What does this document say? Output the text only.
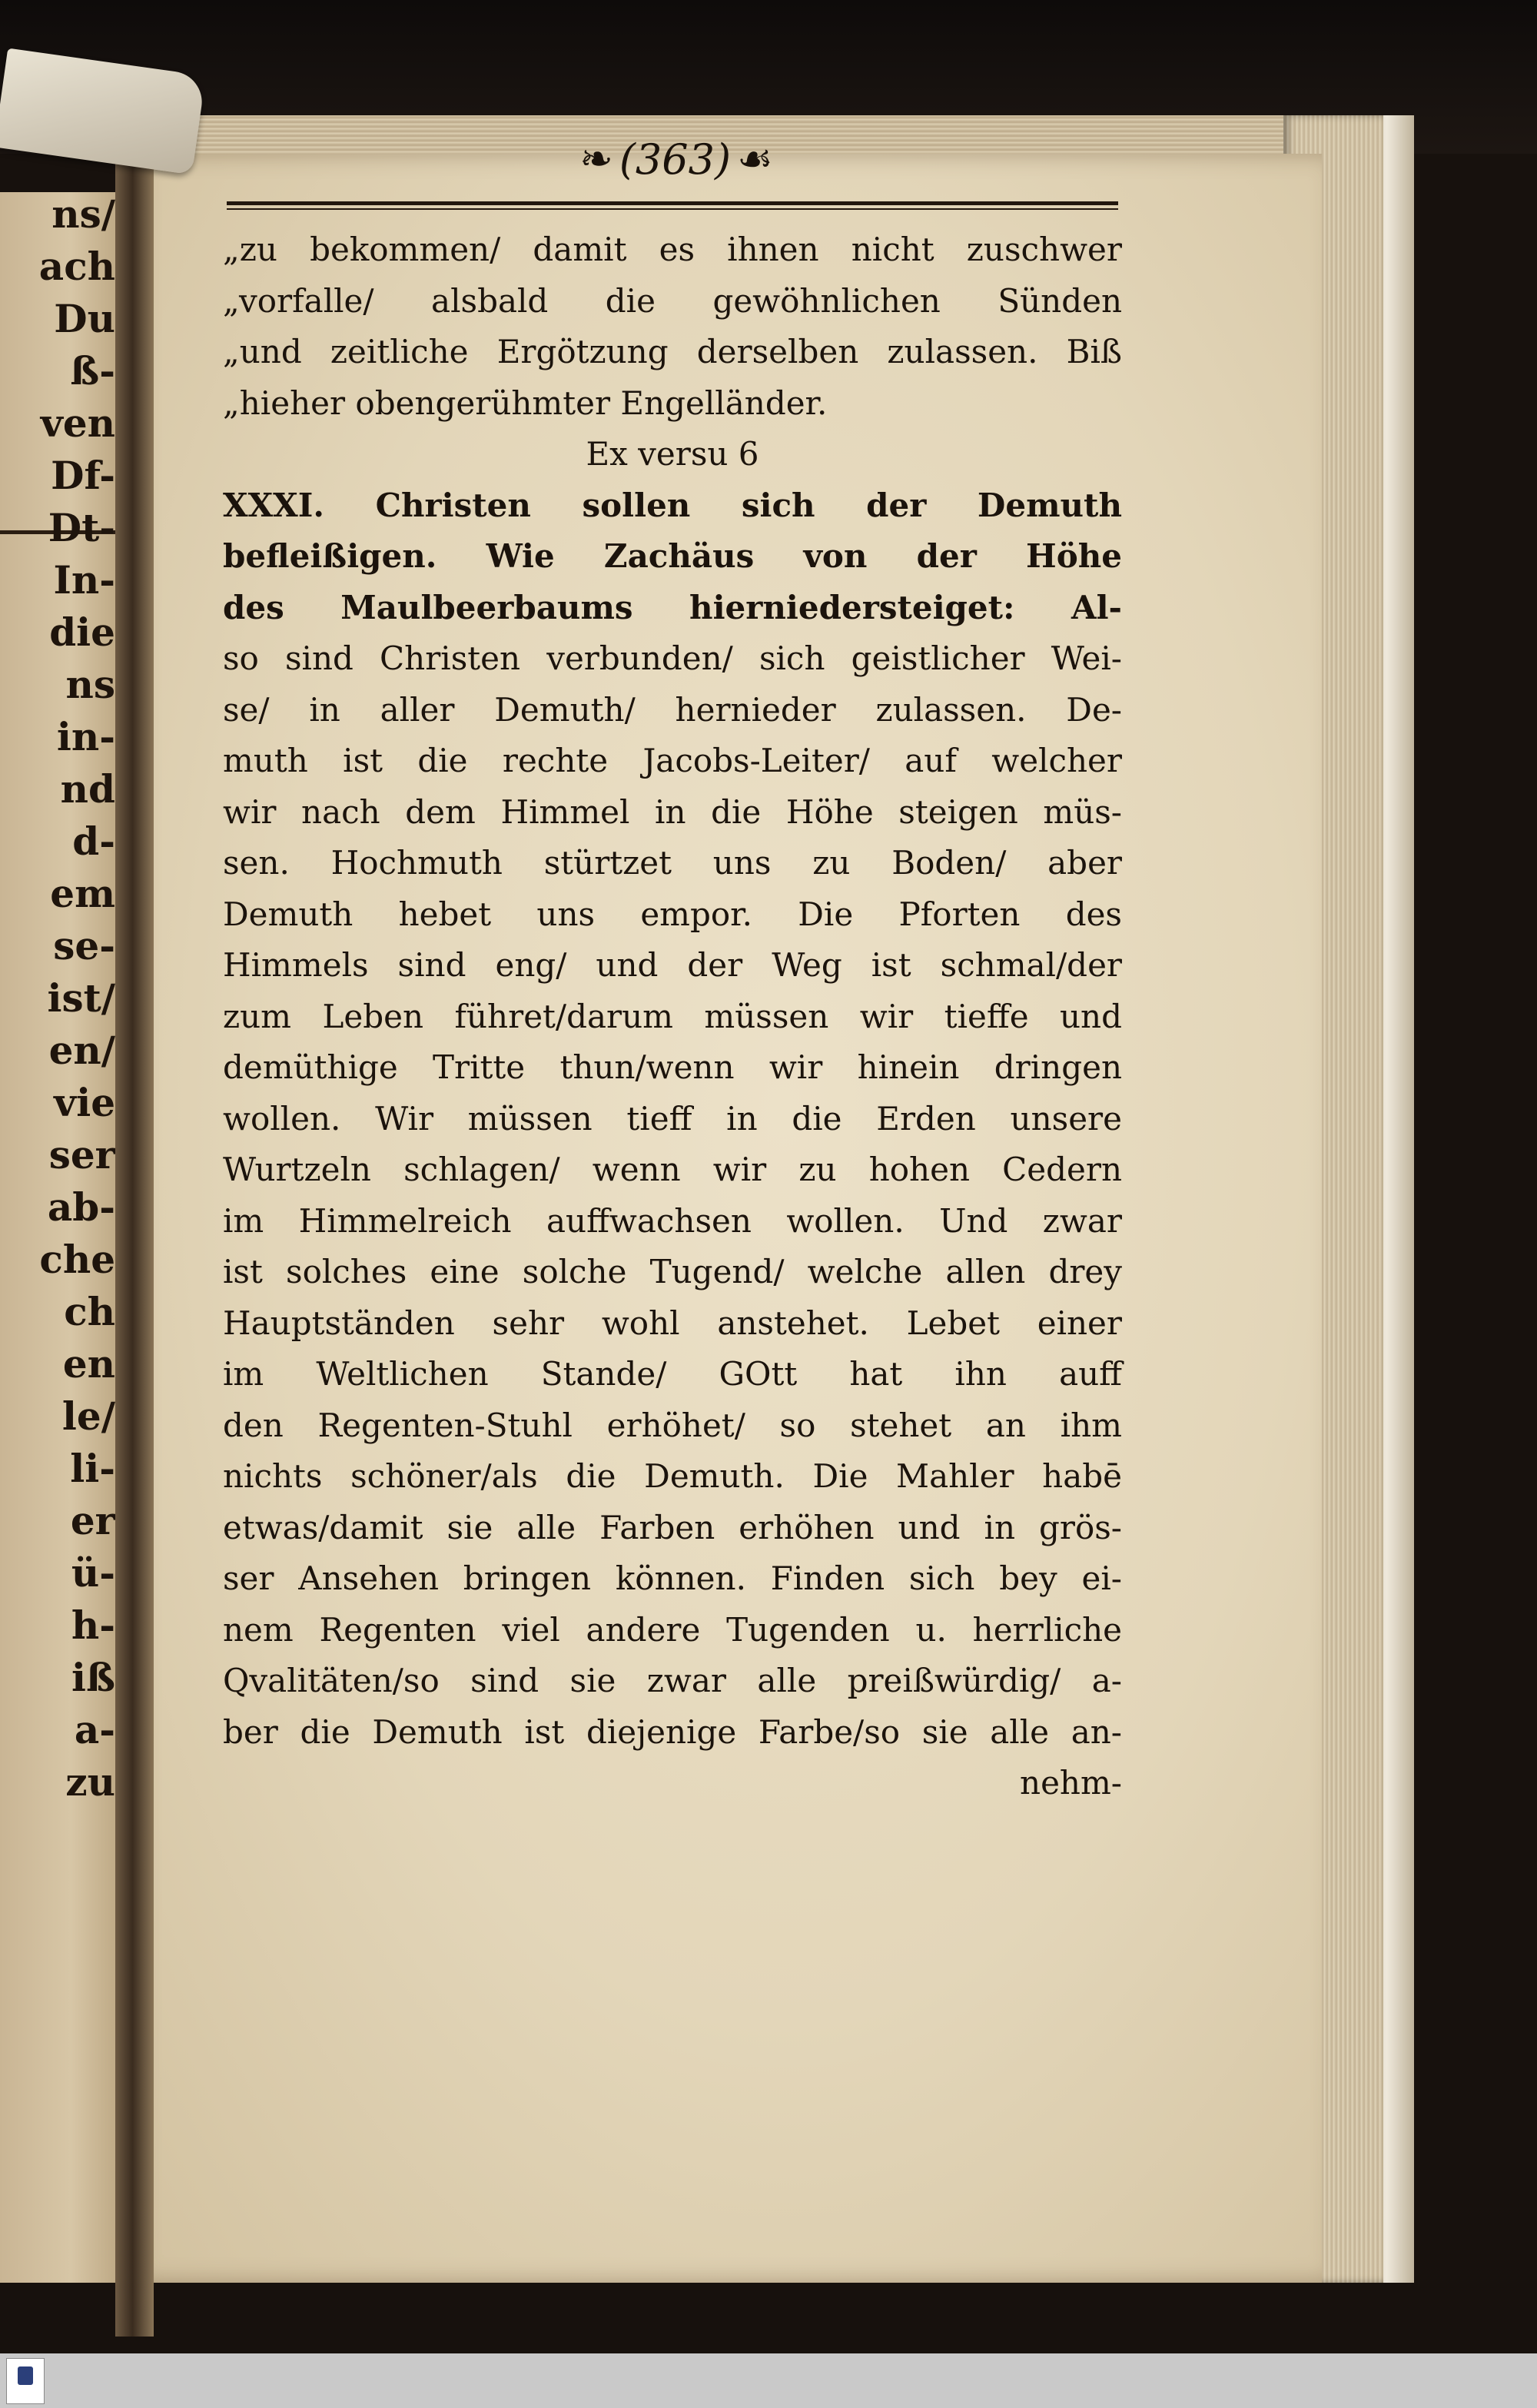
ns/
ach
Du
ß-
ven
Df-
Dt-
In-
die
ns
in-
nd
d-
em
se-
ist/
en/
vie
ser
ab-
che
ch
en
le/
li-
er
ü-
h-
iß
a-
zu
❧ (363) ☙
„zu bekommen/ damit es ihnen nicht zuschwer
„vorfalle/ alsbald die gewöhnlichen Sünden
„und zeitliche Ergötzung derselben zulassen. Biß
„hieher obengerühmter Engelländer.
Ex versu 6
XXXI. Christen sollen sich der Demuth
befleißigen. Wie Zachäus von der Höhe
des Maulbeerbaums hierniedersteiget: Al-
so sind Christen verbunden/ sich geistlicher Wei-
se/ in aller Demuth/ hernieder zulassen. De-
muth ist die rechte Jacobs-Leiter/ auf welcher
wir nach dem Himmel in die Höhe steigen müs-
sen. Hochmuth stürtzet uns zu Boden/ aber
Demuth hebet uns empor. Die Pforten des
Himmels sind eng/ und der Weg ist schmal/der
zum Leben führet/darum müssen wir tieffe und
demüthige Tritte thun/wenn wir hinein dringen
wollen. Wir müssen tieff in die Erden unsere
Wurtzeln schlagen/ wenn wir zu hohen Cedern
im Himmelreich auffwachsen wollen. Und zwar
ist solches eine solche Tugend/ welche allen drey
Hauptständen sehr wohl anstehet. Lebet einer
im Weltlichen Stande/ GOtt hat ihn auff
den Regenten-Stuhl erhöhet/ so stehet an ihm
nichts schöner/als die Demuth. Die Mahler habē
etwas/damit sie alle Farben erhöhen und in grös-
ser Ansehen bringen können. Finden sich bey ei-
nem Regenten viel andere Tugenden u. herrliche
Qvalitäten/so sind sie zwar alle preißwürdig/ a-
ber die Demuth ist diejenige Farbe/so sie alle an-
nehm-
